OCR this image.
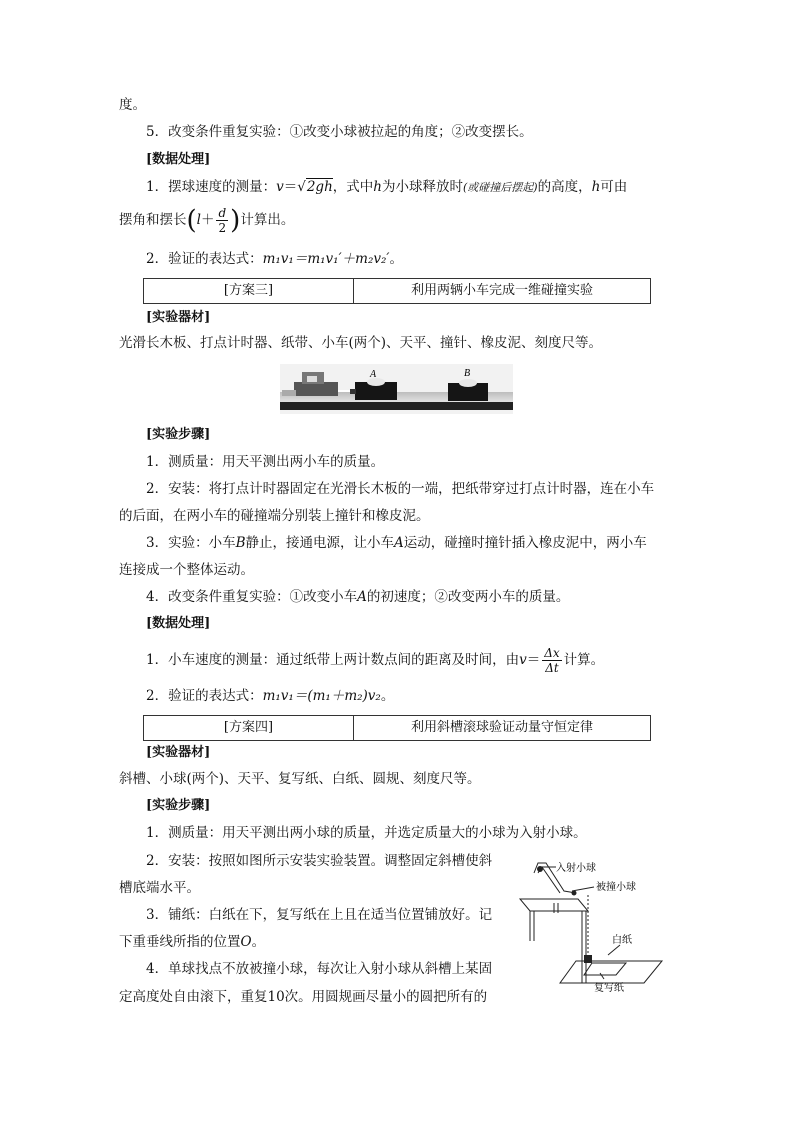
度。
5．改变条件重复实验：①改变小球被拉起的角度；②改变摆长。
[数据处理]
1．摆球速度的测量：v＝√2gh，式中h为小球释放时(或碰撞后摆起)的高度，h可由
摆角和摆长($l+ \frac{d}{2}$ )计算出。
2．验证的表达式：m₁v₁＝m₁v₁′＋m₂v₂′。
[方案三]	利用两辆小车完成一维碰撞实验
[实验器材]
光滑长木板、打点计时器、纸带、小车(两个)、天平、撞针、橡皮泥、刻度尺等。
A	B
[实验步骤]
1．测质量：用天平测出两小车的质量。
2．安装：将打点计时器固定在光滑长木板的一端，把纸带穿过打点计时器，连在小车
的后面，在两小车的碰撞端分别装上撞针和橡皮泥。
3．实验：小车B静止，接通电源，让小车A运动，碰撞时撞针插入橡皮泥中，两小车
连接成一个整体运动。
4．改变条件重复实验：①改变小车A的初速度；②改变两小车的质量。
[数据处理]
1．小车速度的测量：通过纸带上两计数点间的距离及时间，由$v= \frac{\Delta x}{\Delta t}$ 计算。
2．验证的表达式：m₁v₁＝(m₁＋m₂)v₂。
[方案四]	利用斜槽滚球验证动量守恒定律
[实验器材]
斜槽、小球(两个)、天平、复写纸、白纸、圆规、刻度尺等。
[实验步骤]
1．测质量：用天平测出两小球的质量，并选定质量大的小球为入射小球。
2．安装：按照如图所示安装实验装置。调整固定斜槽使斜
槽底端水平。
3．铺纸：白纸在下，复写纸在上且在适当位置铺放好。记
下重垂线所指的位置O。
4．单球找点不放被撞小球，每次让入射小球从斜槽上某固
定高度处自由滚下，重复10次。用圆规画尽量小的圆把所有的
入射小球
被撞小球
白纸
复写纸
